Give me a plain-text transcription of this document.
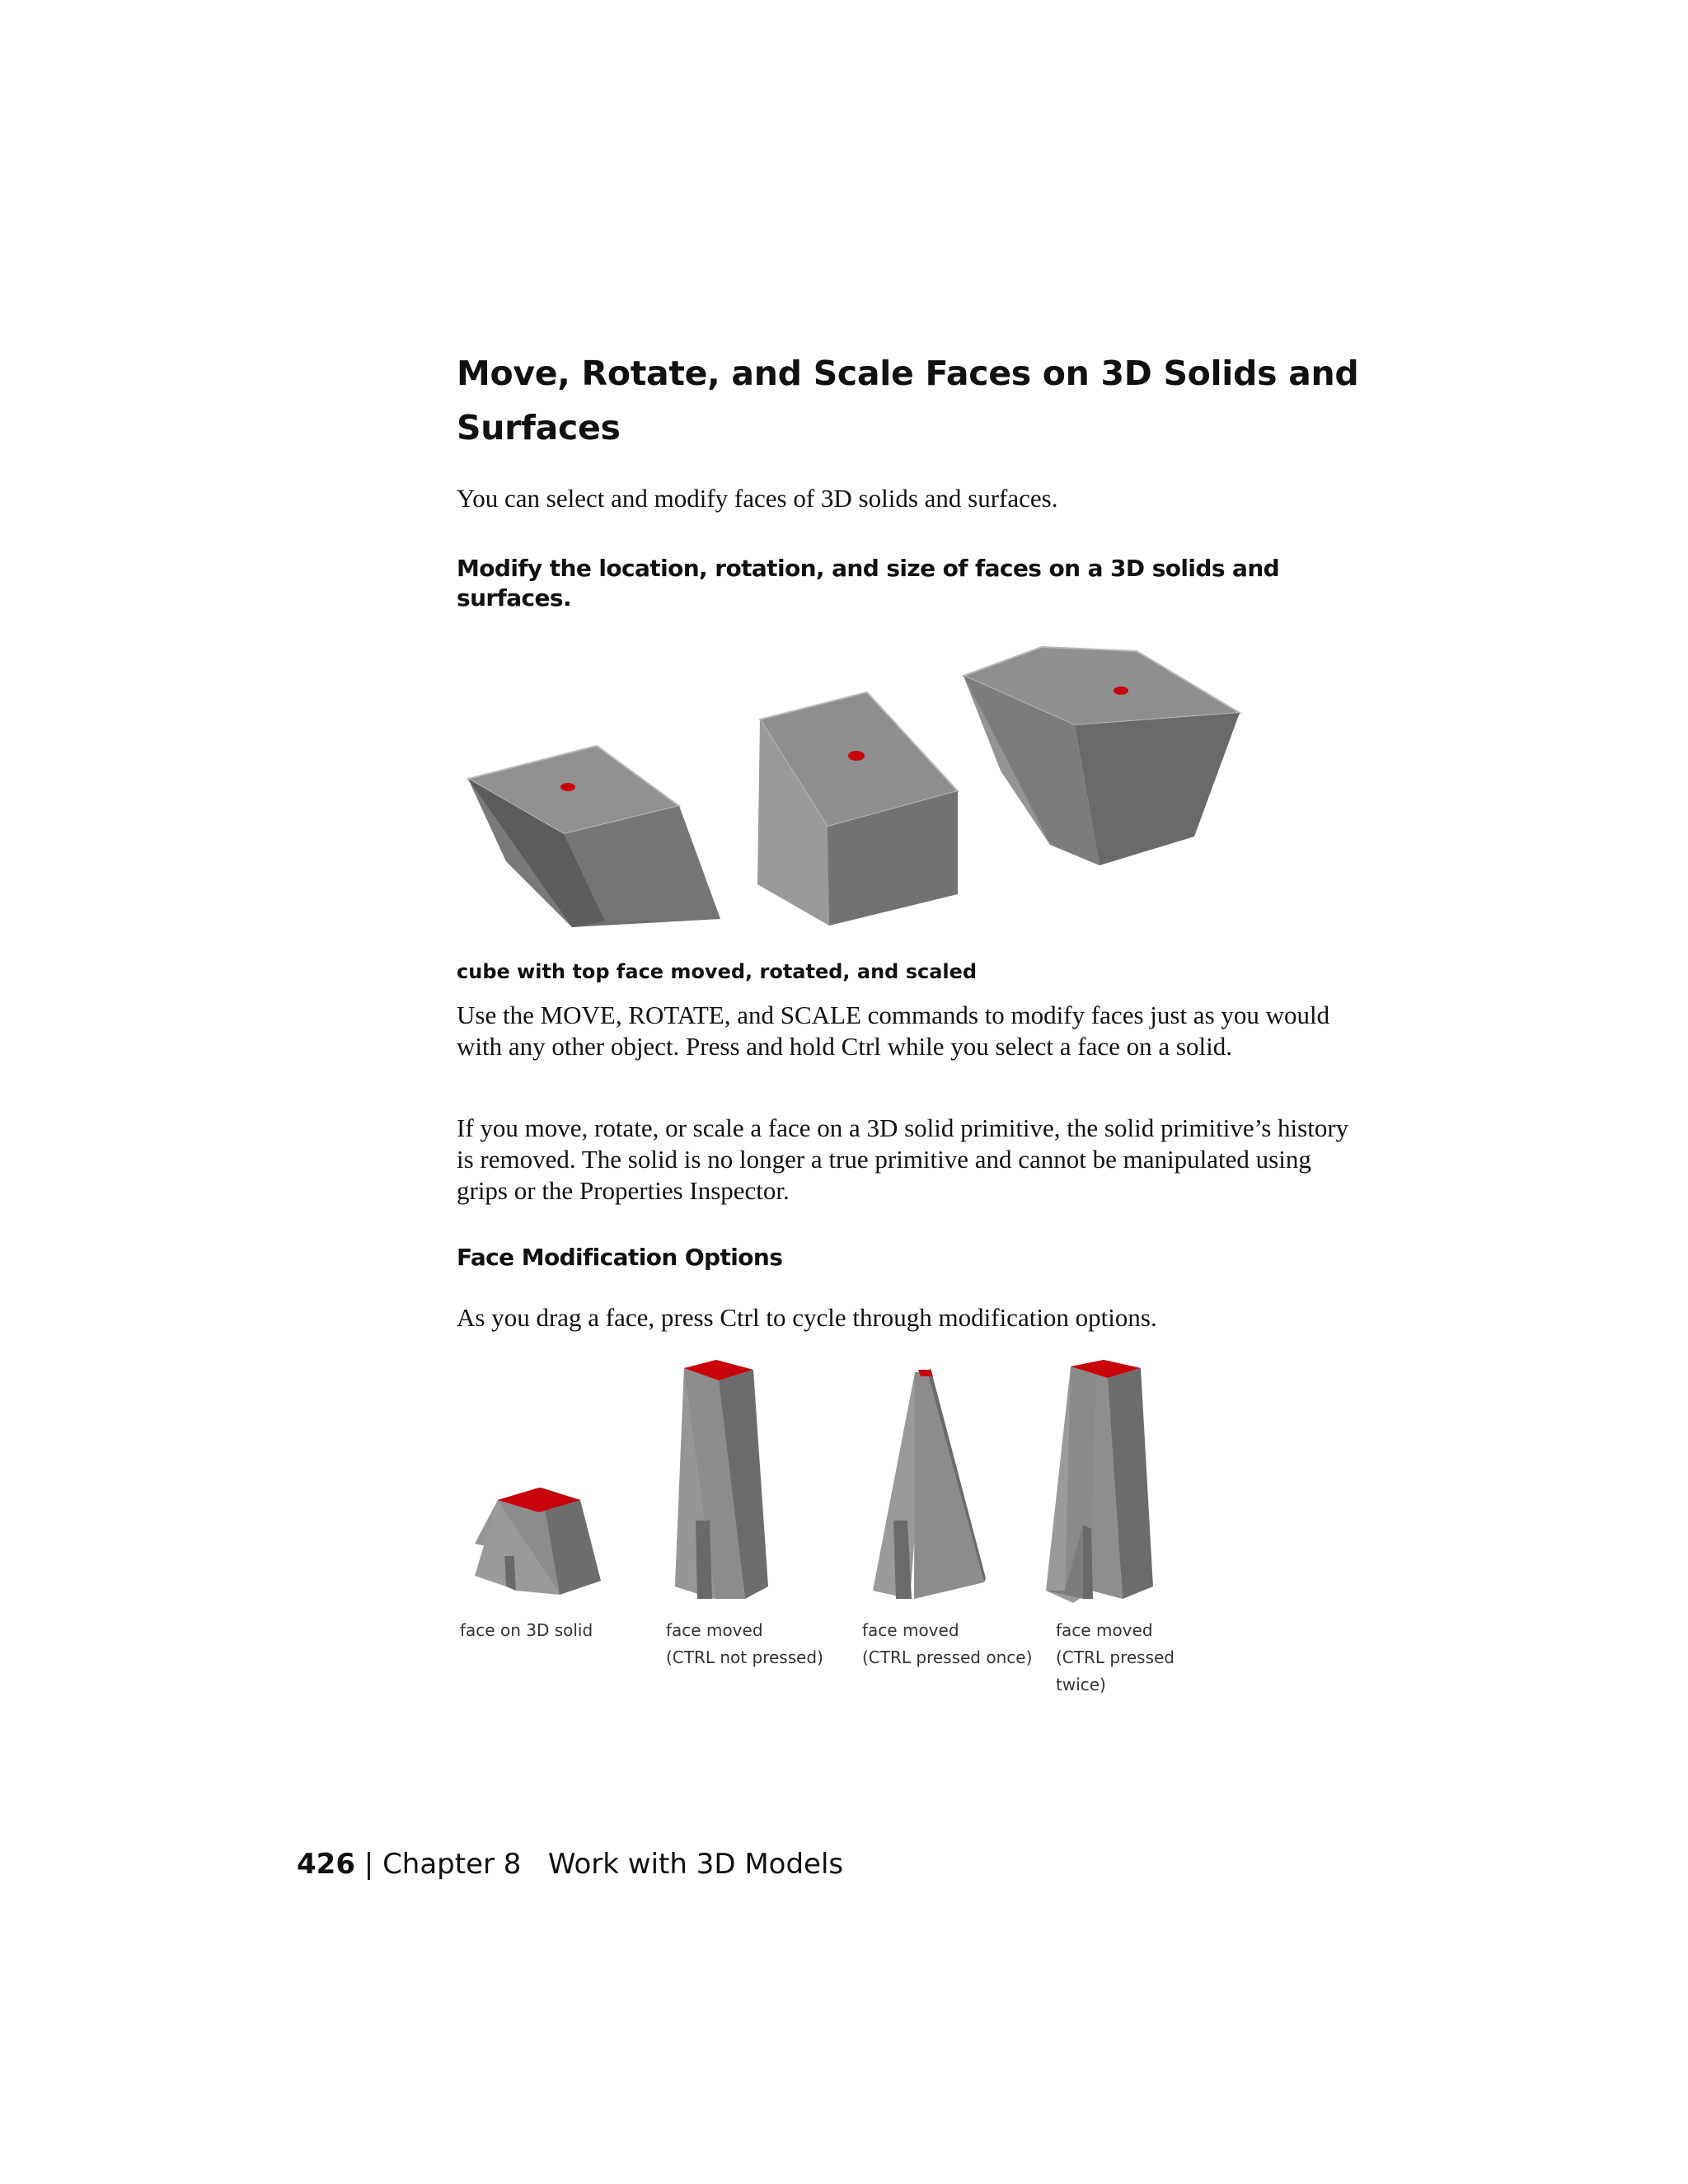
Move, Rotate, and Scale Faces on 3D Solids and Surfaces

You can select and modify faces of 3D solids and surfaces.

Modify the location, rotation, and size of faces on a 3D solids and surfaces.

cube with top face moved, rotated, and scaled

Use the MOVE, ROTATE, and SCALE commands to modify faces just as you would with any other object. Press and hold Ctrl while you select a face on a solid.

If you move, rotate, or scale a face on a 3D solid primitive, the solid primitive’s history is removed. The solid is no longer a true primitive and cannot be manipulated using grips or the Properties Inspector.

Face Modification Options

As you drag a face, press Ctrl to cycle through modification options.

face on 3D solid	face moved
(CTRL not pressed)
face moved
(CTRL pressed once)
face moved
(CTRL pressed
twice)

426 | Chapter 8 Work with 3D Models
